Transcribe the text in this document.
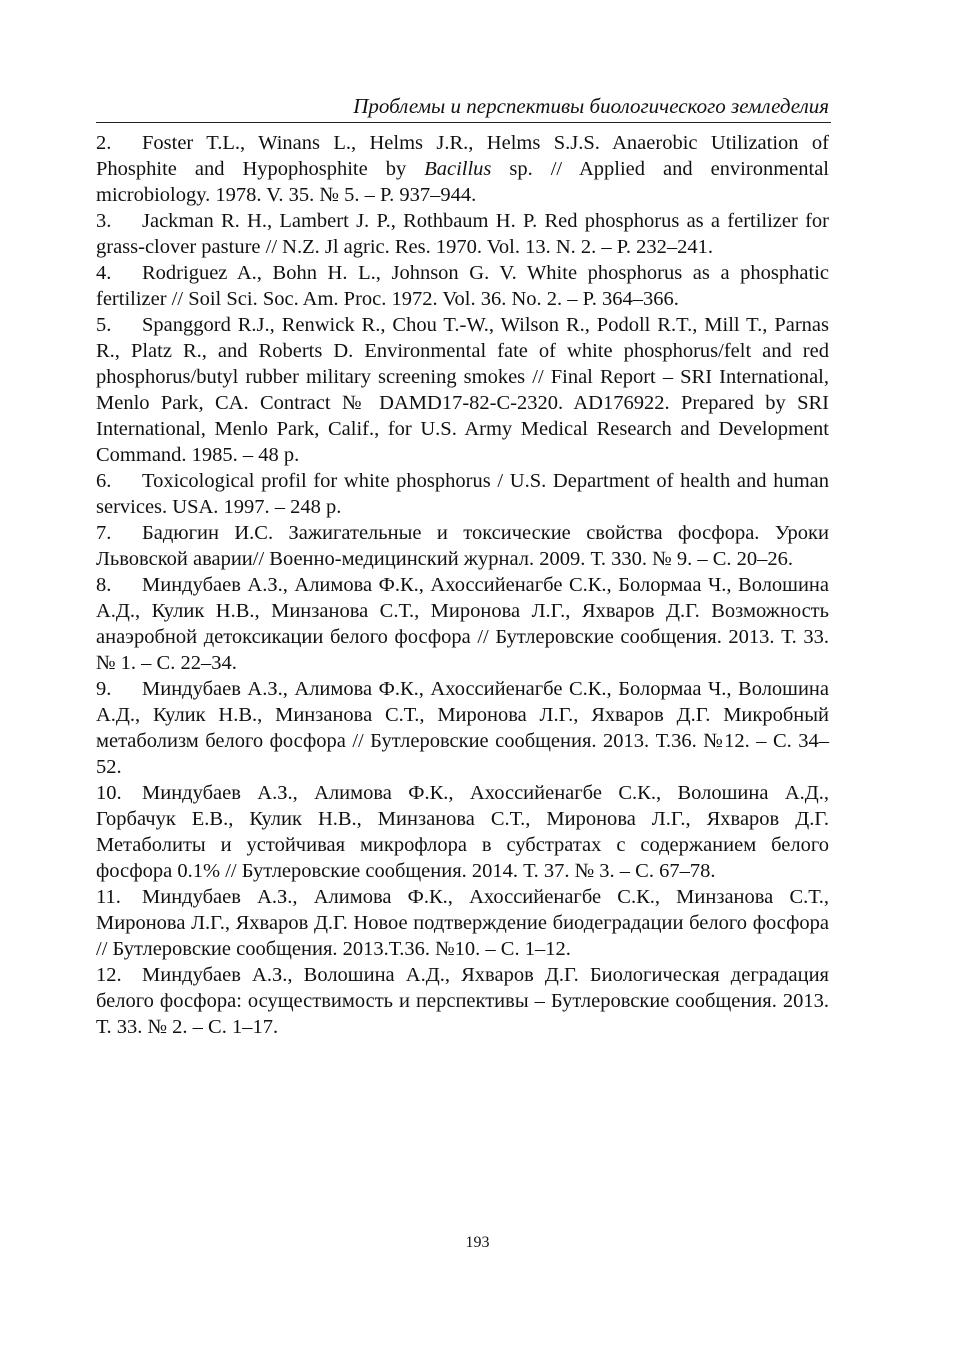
Проблемы и перспективы биологического земледелия

2. Foster T.L., Winans L., Helms J.R., Helms S.J.S. Anaerobic Utilization of Phosphite and Hypophosphite by Bacillus sp. // Applied and environmental microbiology. 1978. V. 35. № 5. – P. 937–944.

3. Jackman R. H., Lambert J. P., Rothbaum H. P. Red phosphorus as a fertilizer for grass-clover pasture // N.Z. Jl agric. Res. 1970. Vol. 13. N. 2. – P. 232–241.

4. Rodriguez A., Bohn H. L., Johnson G. V. White phosphorus as a phosphatic fertilizer // Soil Sci. Soc. Am. Proc. 1972. Vol. 36. No. 2. – P. 364–366.

5. Spanggord R.J., Renwick R., Chou T.-W., Wilson R., Podoll R.T., Mill T., Parnas R., Platz R., and Roberts D. Environmental fate of white phosphorus/felt and red phosphorus/butyl rubber military screening smokes // Final Report – SRI International, Menlo Park, CA. Contract № DAMD17-82-C-2320. AD176922. Prepared by SRI International, Menlo Park, Calif., for U.S. Army Medical Research and Development Command. 1985. – 48 p.

6. Toxicological profil for white phosphorus / U.S. Department of health and human services. USA. 1997. – 248 p.

7. Бадюгин И.С. Зажигательные и токсические свойства фосфора. Уроки Львовской аварии// Военно-медицинский журнал. 2009. Т. 330. № 9. – С. 20–26.

8. Миндубаев А.З., Алимова Ф.К., Ахоссийенагбе С.К., Болормаа Ч., Волошина А.Д., Кулик Н.В., Минзанова С.Т., Миронова Л.Г., Яхваров Д.Г. Возможность анаэробной детоксикации белого фосфора // Бутлеровские сообщения. 2013. Т. 33. № 1. – С. 22–34.

9. Миндубаев А.З., Алимова Ф.К., Ахоссийенагбе С.К., Болормаа Ч., Волошина А.Д., Кулик Н.В., Минзанова С.Т., Миронова Л.Г., Яхваров Д.Г. Микробный метаболизм белого фосфора // Бутлеровские сообщения. 2013. Т.36. №12. – С. 34–52.

10. Миндубаев А.З., Алимова Ф.К., Ахоссийенагбе С.К., Волошина А.Д., Горбачук Е.В., Кулик Н.В., Минзанова С.Т., Миронова Л.Г., Яхваров Д.Г. Метаболиты и устойчивая микрофлора в субстратах с содержанием белого фосфора 0.1% // Бутлеровские сообщения. 2014. Т. 37. № 3. – С. 67–78.

11. Миндубаев А.З., Алимова Ф.К., Ахоссийенагбе С.К., Минзанова С.Т., Миронова Л.Г., Яхваров Д.Г. Новое подтверждение биодеградации белого фосфора // Бутлеровские сообщения. 2013.Т.36. №10. – С. 1–12.

12. Миндубаев А.З., Волошина А.Д., Яхваров Д.Г. Биологическая деградация белого фосфора: осуществимость и перспективы – Бутлеровские сообщения. 2013. Т. 33. № 2. – С. 1–17.

193
